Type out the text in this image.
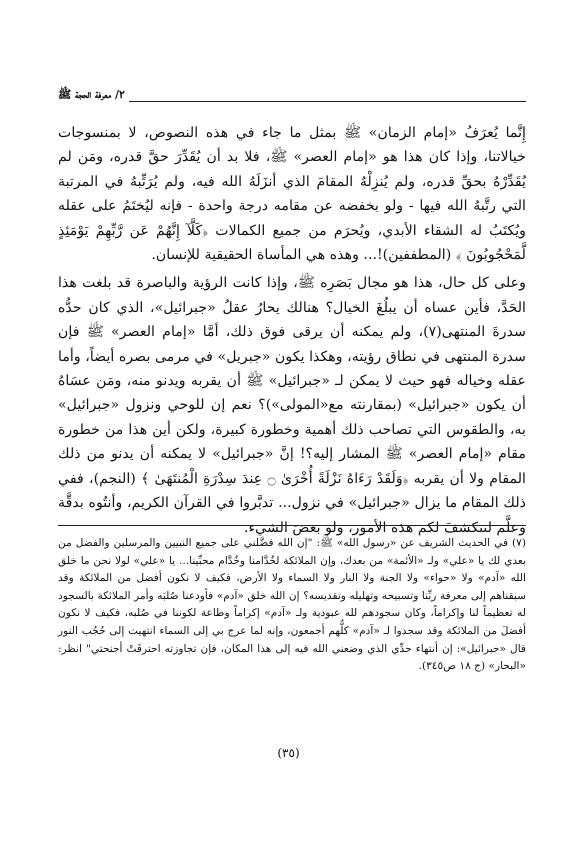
٢/ معرفة الحجة ﷺ

إِنَّما يُعرَفُ «إمام الزمان» ﷺ بمثل ما جاء في هذه النصوص، لا بمنسوجات خيالاتنا، وإذا كان هذا هو «إمام العصر» ﷺ، فلا بد أن يُقَدِّرَ حقَّ قدره، ومَن لم يُقَدِّرْهُ بحقِّ قدره، ولم يُنزِلْهُ المقامَ الذي أنزَلَهُ الله فيه، ولم يُرَتِّبهُ في المرتبة التي رتَّبهُ الله فيها - ولو بخفضه عن مقامه درجة واحدة - فإنه ليُختَمُ على عقله ويُكتَبُ له الشقاء الأبدي، ويُحرَم من جميع الكمالات ﴿كَلَّآ إِنَّهُمْ عَن رَّبِّهِمْ يَوْمَئِذٍ لَّمَحْجُوبُونَ ﴾ (المطففين)!... وهذه هي المأساة الحقيقية للإنسان.

وعلى كل حال، هذا هو مجال بَصَرِه ﷺ، وإذا كانت الرؤية والباصرة قد بلغت هذا الحَدَّ، فأين عساه أن يبلُغَ الخيال؟ هنالك يحارُ عقلُ «جبرائيل»، الذي كان حدُّه سدرةَ المنتهى(٧)، ولم يمكنه أن يرقى فوق ذلك، أمَّا «إمام العصر» ﷺ فإن سدرة المنتهى في نطاق رؤيته، وهكذا يكون «جبريل» في مرمى بصره أيضاً، وأما عقله وخياله فهو حيث لا يمكن لـ «جبرائيل» ﷺ أن يقربه ويدنو منه، ومَن عسَاهُ أن يكون «جبرائيل» (بمقارنته مع«المولى»)؟ نعم إن للوحي ونزول «جبرائيل» به، والطقوس التي تصاحب ذلك أهمية وخطورة كبيرة، ولكن أين هذا من خطورة مقام «إمام العصر» ﷺ المشار إليه؟! إنَّ «جبرائيل» لا يمكنه أن يدنو من ذلك المقام ولا أن يقربه ﴿وَلَقَدْ رَءَاهُ نَزْلَةً أُخْرَىٰ ۝ عِندَ سِدْرَةِ الْمُنتَهَىٰ ﴾ (النجم)، ففي ذلك المقام ما يزال «جبرائيل» في نزول... تدبَّروا في القرآن الكريم، وأنتُوه بدقَّة وعلَّم لتتكشفَ لكم هذه الأمور، ولو بعضَ الشيء.

(٧) في الحديث الشريف عن «رسول الله» ﷺ: "إن الله فضَّلني على جميع النبيين والمرسلين والفضل من بعدي لك يا «علي» ولـ «الأئمة» من بعدك، وإن الملائكة لخُدَّامنا وخُدَّام محبِّينا... يا «علي» لولا نحن ما خلق الله «آدم» ولا «حواء» ولا الجنة ولا النار ولا السماء ولا الأرض، فكيف لا نكون أفضل من الملائكة وقد سبقناهم إلى معرفة ربِّنا وتسبيحه وتهليله وتقديسه؟ إن الله خلق «آدم» فأودعنا صُلبَه وأمر الملائكة بالسجود له تعظيماً لنا وإكراماً، وكان سجودهم لله عبودية ولـ «آدم» إكراماً وطاعة لكوننا في صُلبه، فكيف لا نكون أفضلَ من الملائكة وقد سجدوا لـ «آدم» كلُّهم أجمعون، وإنه لما عرج بي إلى السماء انتهيت إلى حُجُب النور قال «جبرائيل»: إن أنتهاء حدِّي الذي وضعني الله فيه إلى هذا المكان، فإن تجاوزته احترقَتْ أجنحتي" انظر: «البحار» (ج ١٨ ص٣٤٥).

(٣٥)
